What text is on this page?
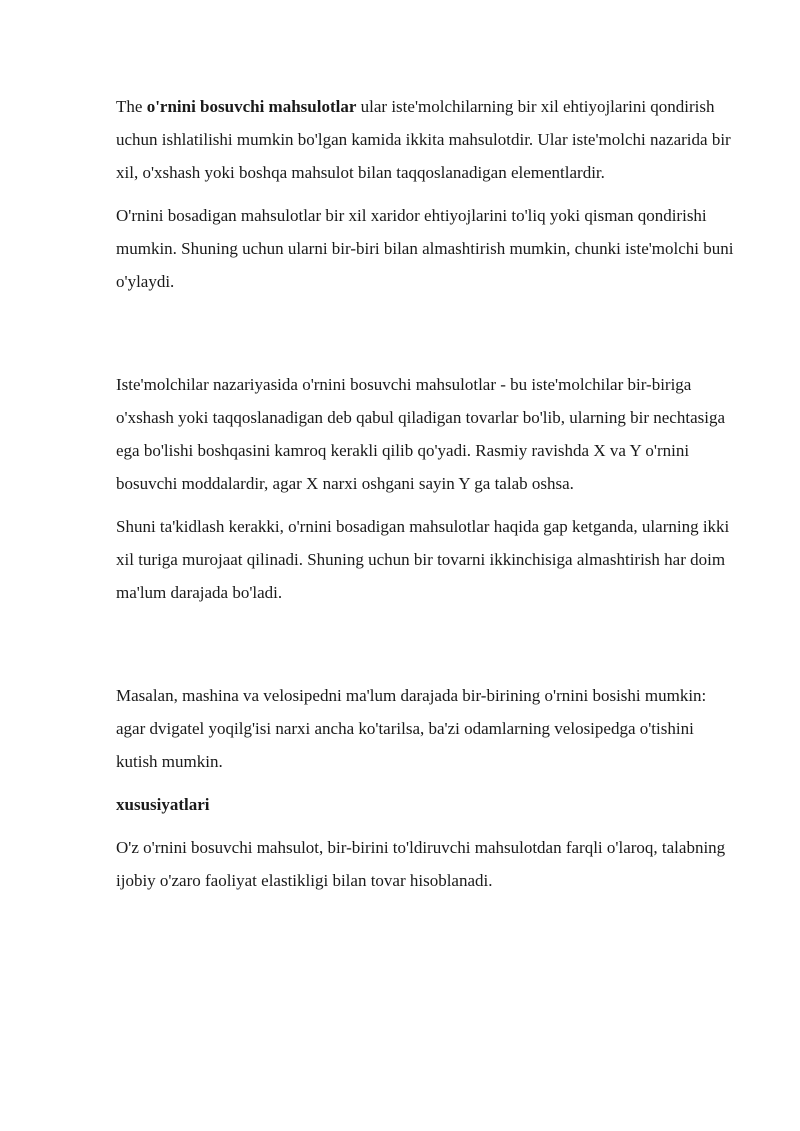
The o'rnini bosuvchi mahsulotlar ular iste'molchilarning bir xil ehtiyojlarini qondirish uchun ishlatilishi mumkin bo'lgan kamida ikkita mahsulotdir. Ular iste'molchi nazarida bir xil, o'xshash yoki boshqa mahsulot bilan taqqoslanadigan elementlardir.

O'rnini bosadigan mahsulotlar bir xil xaridor ehtiyojlarini to'liq yoki qisman qondirishi mumkin. Shuning uchun ularni bir-biri bilan almashtirish mumkin, chunki iste'molchi buni o'ylaydi.

Iste'molchilar nazariyasida o'rnini bosuvchi mahsulotlar - bu iste'molchilar bir-biriga o'xshash yoki taqqoslanadigan deb qabul qiladigan tovarlar bo'lib, ularning bir nechtasiga ega bo'lishi boshqasini kamroq kerakli qilib qo'yadi. Rasmiy ravishda X va Y o'rnini bosuvchi moddalardir, agar X narxi oshgani sayin Y ga talab oshsa.

Shuni ta'kidlash kerakki, o'rnini bosadigan mahsulotlar haqida gap ketganda, ularning ikki xil turiga murojaat qilinadi. Shuning uchun bir tovarni ikkinchisiga almashtirish har doim ma'lum darajada bo'ladi.

Masalan, mashina va velosipedni ma'lum darajada bir-birining o'rnini bosishi mumkin: agar dvigatel yoqilg'isi narxi ancha ko'tarilsa, ba'zi odamlarning velosipedga o'tishini kutish mumkin.

xususiyatlari

O'z o'rnini bosuvchi mahsulot, bir-birini to'ldiruvchi mahsulotdan farqli o'laroq, talabning ijobiy o'zaro faoliyat elastikligi bilan tovar hisoblanadi.
